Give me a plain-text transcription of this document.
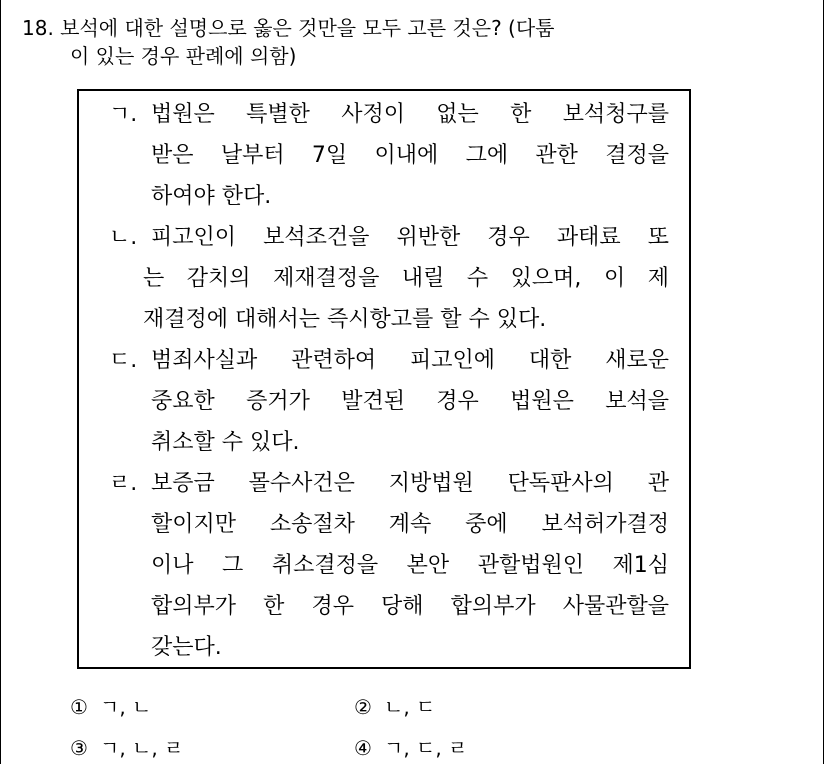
18. 보석에 대한 설명으로 옳은 것만을 모두 고른 것은? (다툼
이 있는 경우 판례에 의함)
ㄱ. 법원은 특별한 사정이 없는 한 보석청구를
받은 날부터 7일 이내에 그에 관한 결정을
하여야 한다.
ㄴ. 피고인이 보석조건을 위반한 경우 과태료 또
는 감치의 제재결정을 내릴 수 있으며, 이 제
재결정에 대해서는 즉시항고를 할 수 있다.
ㄷ. 범죄사실과 관련하여 피고인에 대한 새로운
중요한 증거가 발견된 경우 법원은 보석을
취소할 수 있다.
ㄹ. 보증금 몰수사건은 지방법원 단독판사의 관
할이지만 소송절차 계속 중에 보석허가결정
이나 그 취소결정을 본안 관할법원인 제1심
합의부가 한 경우 당해 합의부가 사물관할을
갖는다.
① ㄱ, ㄴ	② ㄴ, ㄷ
③ ㄱ, ㄴ, ㄹ	④ ㄱ, ㄷ, ㄹ
